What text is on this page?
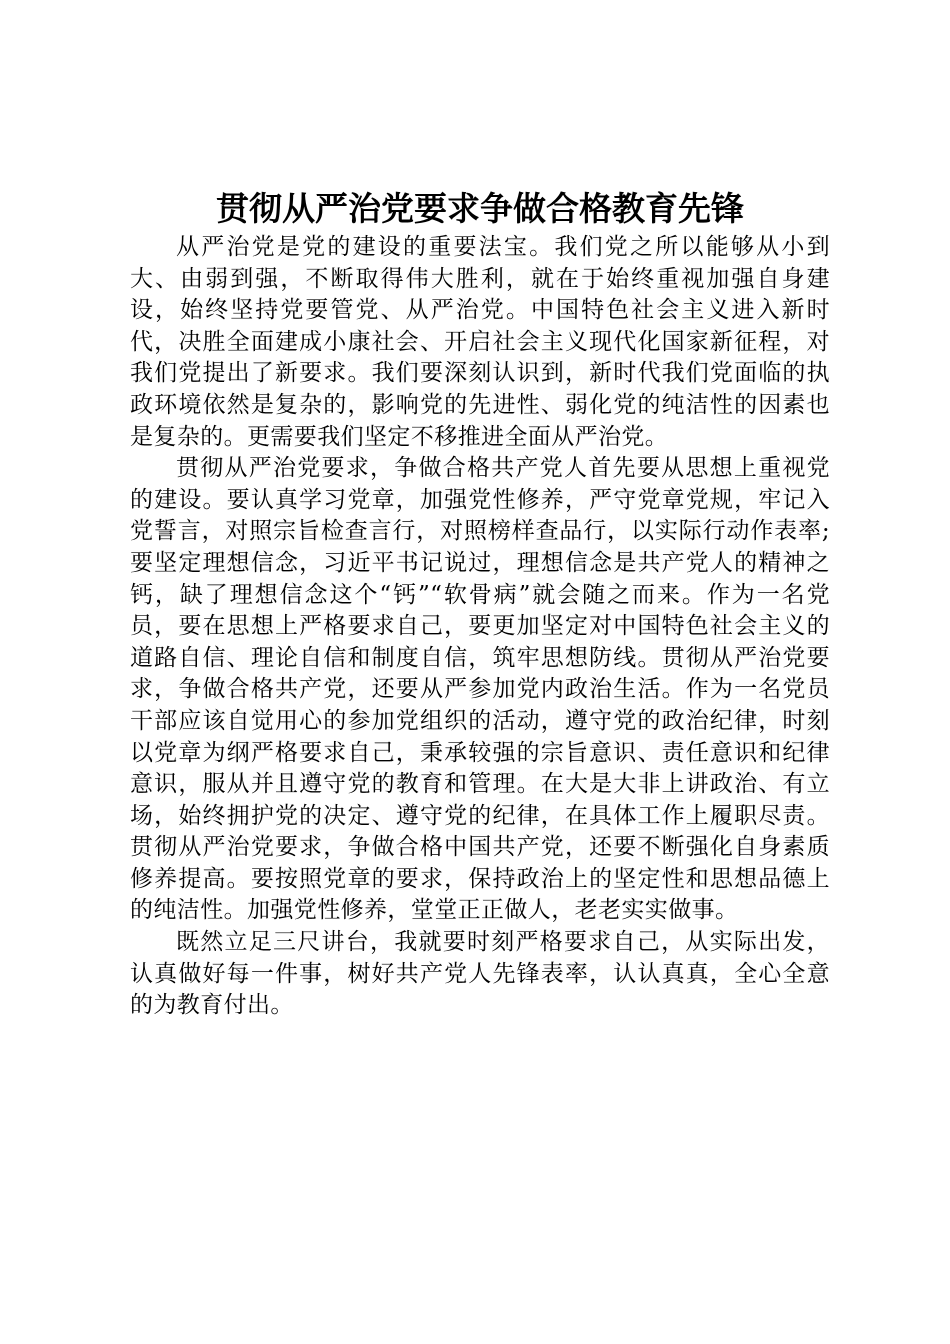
贯彻从严治党要求争做合格教育先锋

从严治党是党的建设的重要法宝。我们党之所以能够从小到大、由弱到强，不断取得伟大胜利，就在于始终重视加强自身建设，始终坚持党要管党、从严治党。中国特色社会主义进入新时代，决胜全面建成小康社会、开启社会主义现代化国家新征程，对我们党提出了新要求。我们要深刻认识到，新时代我们党面临的执政环境依然是复杂的，影响党的先进性、弱化党的纯洁性的因素也是复杂的。更需要我们坚定不移推进全面从严治党。

贯彻从严治党要求，争做合格共产党人首先要从思想上重视党的建设。要认真学习党章，加强党性修养，严守党章党规，牢记入党誓言，对照宗旨检查言行，对照榜样查品行，以实际行动作表率;要坚定理想信念，习近平书记说过，理想信念是共产党人的精神之钙，缺了理想信念这个“钙”“软骨病”就会随之而来。作为一名党员，要在思想上严格要求自己，要更加坚定对中国特色社会主义的道路自信、理论自信和制度自信，筑牢思想防线。贯彻从严治党要求，争做合格共产党，还要从严参加党内政治生活。作为一名党员干部应该自觉用心的参加党组织的活动，遵守党的政治纪律，时刻以党章为纲严格要求自己，秉承较强的宗旨意识、责任意识和纪律意识，服从并且遵守党的教育和管理。在大是大非上讲政治、有立场，始终拥护党的决定、遵守党的纪律，在具体工作上履职尽责。贯彻从严治党要求，争做合格中国共产党，还要不断强化自身素质修养提高。要按照党章的要求，保持政治上的坚定性和思想品德上的纯洁性。加强党性修养，堂堂正正做人，老老实实做事。

既然立足三尺讲台，我就要时刻严格要求自己，从实际出发，认真做好每一件事，树好共产党人先锋表率，认认真真，全心全意的为教育付出。
